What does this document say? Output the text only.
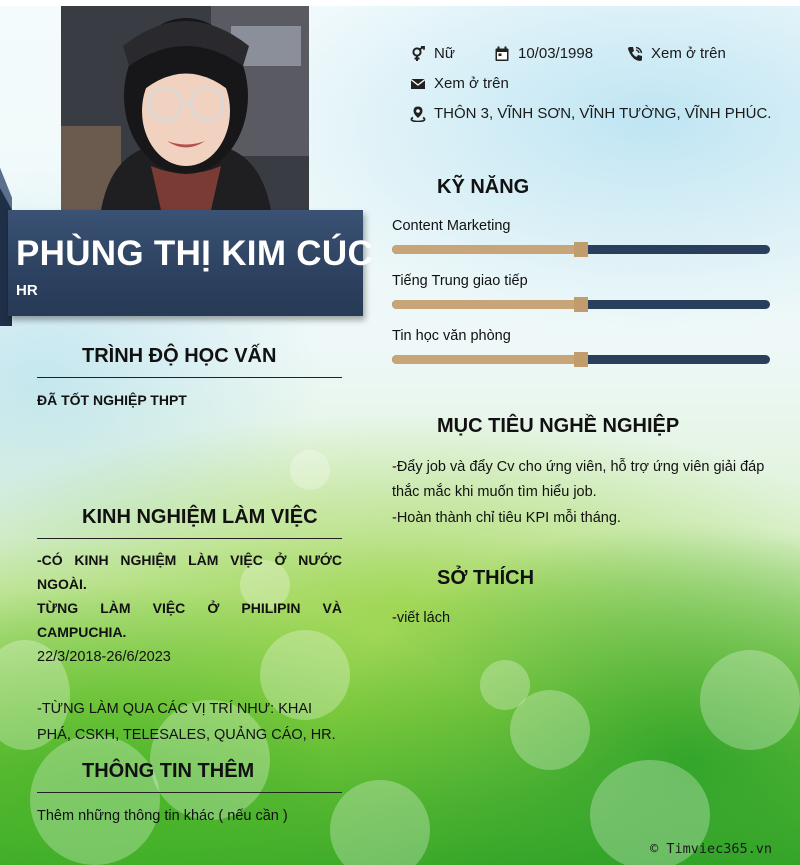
PHÙNG THỊ KIM CÚC
HR
TRÌNH ĐỘ HỌC VẤN
ĐÃ TỐT NGHIỆP THPT
KINH NGHIỆM LÀM VIỆC
-CÓ KINH NGHIỆM LÀM VIỆC Ở NƯỚC NGOÀI.
TỪNG LÀM VIỆC Ở PHILIPIN VÀ CAMPUCHIA.
22/3/2018-26/6/2023
-TỪNG LÀM QUA CÁC VỊ TRÍ NHƯ: KHAI PHÁ, CSKH, TELESALES, QUẢNG CÁO, HR.
THÔNG TIN THÊM
Thêm những thông tin khác ( nếu cần )
Nữ	10/03/1998	Xem ở trên
Xem ở trên
THÔN 3, VĨNH SƠN, VĨNH TƯỜNG, VĨNH PHÚC.
KỸ NĂNG
Content Marketing
Tiếng Trung giao tiếp
Tin học văn phòng
MỤC TIÊU NGHỀ NGHIỆP
-Đẩy job và đẩy Cv cho ứng viên, hỗ trợ ứng viên giải đáp thắc mắc khi muốn tìm hiểu job.
-Hoàn thành chỉ tiêu KPI mỗi tháng.
SỞ THÍCH
-viết lách
© Timviec365.vn
